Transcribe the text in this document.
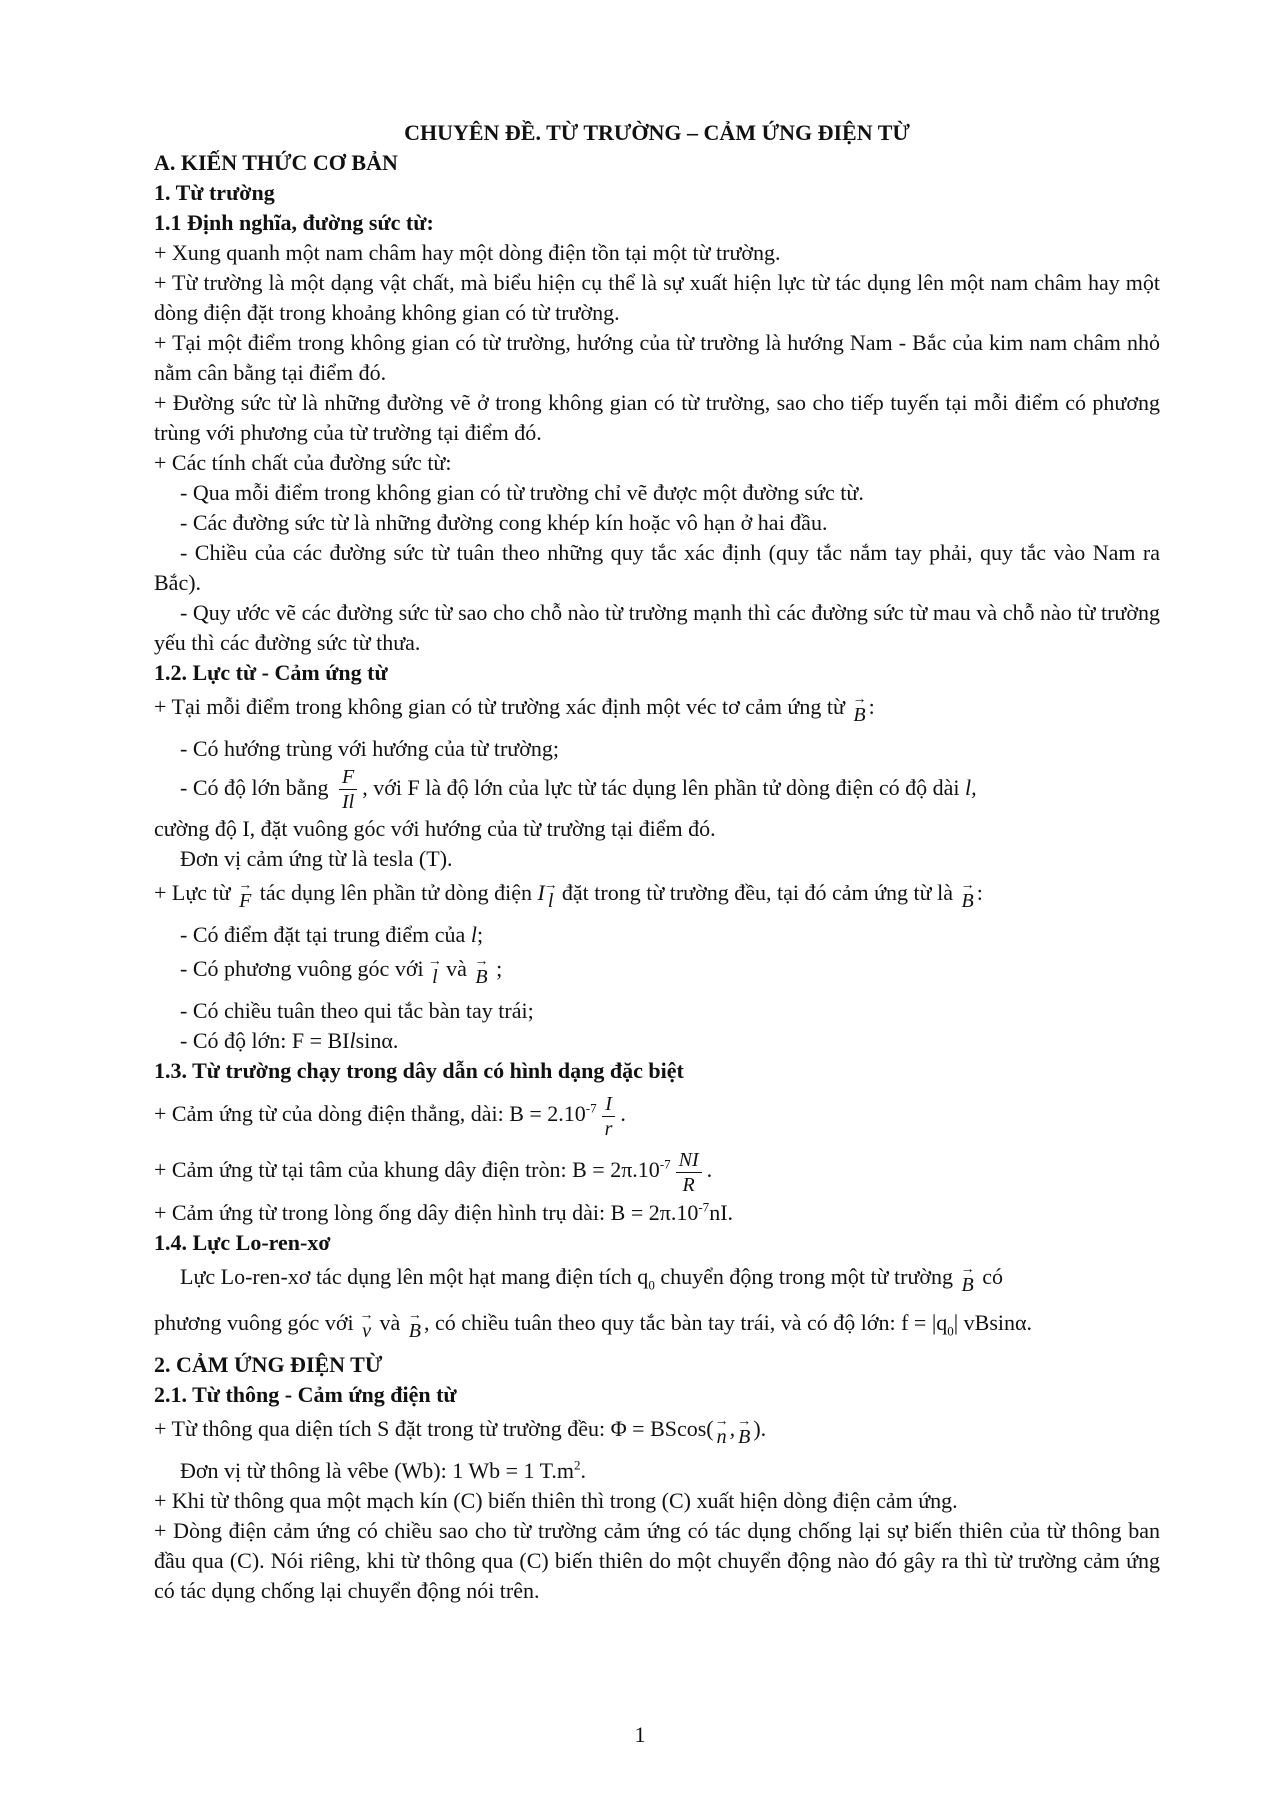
CHUYÊN ĐỀ. TỪ TRƯỜNG – CẢM ỨNG ĐIỆN TỪ

A. KIẾN THỨC CƠ BẢN

1. Từ trường

1.1 Định nghĩa, đường sức từ:

+ Xung quanh một nam châm hay một dòng điện tồn tại một từ trường.

+ Từ trường là một dạng vật chất, mà biểu hiện cụ thể là sự xuất hiện lực từ tác dụng lên một nam châm hay một dòng điện đặt trong khoảng không gian có từ trường.

+ Tại một điểm trong không gian có từ trường, hướng của từ trường là hướng Nam - Bắc của kim nam châm nhỏ nằm cân bằng tại điểm đó.

+ Đường sức từ là những đường vẽ ở trong không gian có từ trường, sao cho tiếp tuyến tại mỗi điểm có phương trùng với phương của từ trường tại điểm đó.

+ Các tính chất của đường sức từ:

- Qua mỗi điểm trong không gian có từ trường chỉ vẽ được một đường sức từ.

- Các đường sức từ là những đường cong khép kín hoặc vô hạn ở hai đầu.

- Chiều của các đường sức từ tuân theo những quy tắc xác định (quy tắc nắm tay phải, quy tắc vào Nam ra Bắc).

- Quy ước vẽ các đường sức từ sao cho chỗ nào từ trường mạnh thì các đường sức từ mau và chỗ nào từ trường yếu thì các đường sức từ thưa.

1.2. Lực từ - Cảm ứng từ

+ Tại mỗi điểm trong không gian có từ trường xác định một véc tơ cảm ứng từ → B :

- Có hướng trùng với hướng của từ trường;

- Có độ lớn bằng $\frac{F}{Il}$ , với F là độ lớn của lực từ tác dụng lên phần tử dòng điện có độ dài l,

cường độ I, đặt vuông góc với hướng của từ trường tại điểm đó.

Đơn vị cảm ứng từ là tesla (T).

+ Lực từ → F tác dụng lên phần tử dòng điện I → l đặt trong từ trường đều, tại đó cảm ứng từ là → B :

- Có điểm đặt tại trung điểm của l;

- Có phương vuông góc với → l và → B ;

- Có chiều tuân theo qui tắc bàn tay trái;

- Có độ lớn: F = BIlsinα.

1.3. Từ trường chạy trong dây dẫn có hình dạng đặc biệt

+ Cảm ứng từ của dòng điện thẳng, dài: $B = 2.10^{-7} \frac{I}{r}$ .

+ Cảm ứng từ tại tâm của khung dây điện tròn: $B = 2\pi.10^{-7} \frac{NI}{R}$ .

+ Cảm ứng từ trong lòng ống dây điện hình trụ dài: $B = 2\pi.10^{-7}nI$.

1.4. Lực Lo-ren-xơ

Lực Lo-ren-xơ tác dụng lên một hạt mang điện tích $q_0$ chuyển động trong một từ trường → B có

phương vuông góc với → v và → B , có chiều tuân theo quy tắc bàn tay trái, và có độ lớn: $f = |q_0|$ vBsinα.

2. CẢM ỨNG ĐIỆN TỪ

2.1. Từ thông - Cảm ứng điện từ

+ Từ thông qua diện tích S đặt trong từ trường đều: Φ = BScos( → n , → B ).

Đơn vị từ thông là vêbe (Wb): 1 Wb = 1 $T.m^2$.

+ Khi từ thông qua một mạch kín (C) biến thiên thì trong (C) xuất hiện dòng điện cảm ứng.

+ Dòng điện cảm ứng có chiều sao cho từ trường cảm ứng có tác dụng chống lại sự biến thiên của từ thông ban đầu qua (C). Nói riêng, khi từ thông qua (C) biến thiên do một chuyển động nào đó gây ra thì từ trường cảm ứng có tác dụng chống lại chuyển động nói trên.

1
